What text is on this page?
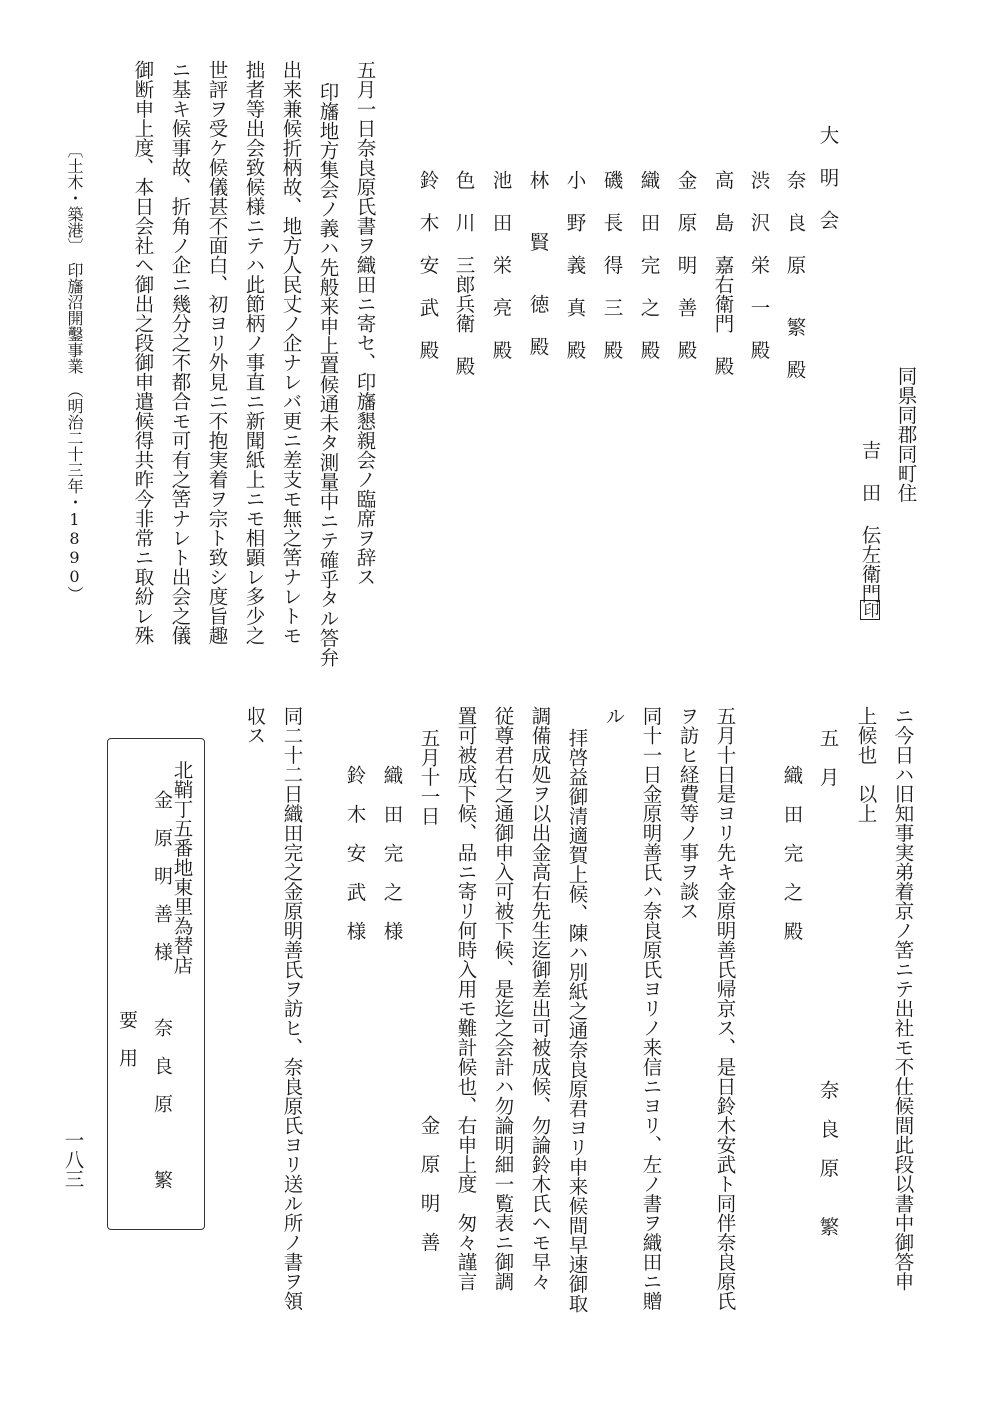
同県同郡同町住
吉 田 伝左衛門
印
大 明 会
奈 良 原　 繁 殿
渋 沢 栄 一 殿
高 島 嘉右衛門 殿
金 原 明 善 殿
織 田 完 之 殿
磯 長 得 三 殿
小 野 義 真 殿
林　 賢　 徳 殿
池 田 栄 亮 殿
色 川 三郎兵衛 殿
鈴 木 安 武 殿
五月一日奈良原氏書ヲ織田ニ寄セ、印旛懇親会ノ臨席ヲ辞ス
印旛地方集会ノ義ハ先般来申上置候通未タ測量中ニテ確乎タル答弁
出来兼候折柄故、地方人民丈ノ企ナレバ更ニ差支モ無之筈ナレトモ
拙者等出会致候様ニテハ此節柄ノ事直ニ新聞紙上ニモ相顕レ多少之
世評ヲ受ケ候儀甚不面白、初ヨリ外見ニ不抱実着ヲ宗ト致シ度旨趣
ニ基キ候事故、折角ノ企ニ幾分之不都合モ可有之筈ナレト出会之儀
御断申上度、本日会社ヘ御出之段御申遣候得共昨今非常ニ取紛レ殊
〔土木・築港〕　印旛沼開鑿事業　（明治二十三年・1890）
ニ今日ハ旧知事実弟着京ノ筈ニテ出社モ不仕候間此段以書中御答申
上候也　以上
五　月
奈　良　原　　繁
織　田　完　之　殿
五月十日是ヨリ先キ金原明善氏帰京ス、是日鈴木安武ト同伴奈良原氏
ヲ訪ヒ経費等ノ事ヲ談ス
同十一日金原明善氏ハ奈良原氏ヨリノ来信ニヨリ、左ノ書ヲ織田ニ贈
ル
拝啓益御清適賀上候、陳ハ別紙之通奈良原君ヨリ申来候間早速御取
調備成処ヲ以出金高右先生迄御差出可被成候、勿論鈴木氏ヘモ早々
従尊君右之通御申入可被下候、是迄之会計ハ勿論明細一覧表ニ御調
置可被成下候、品ニ寄リ何時入用モ難計候也、右申上度　匆々謹言
五月十一日
金　原　明　善
織　田　完　之　様
鈴　木　安　武　様
同二十二日織田完之金原明善氏ヲ訪ヒ、奈良原氏ヨリ送ル所ノ書ヲ領
収ス
北鞘丁五番地東里為替店
金　原　明　善　様　　　奈　良　原　　　繁
要　用
一八三
